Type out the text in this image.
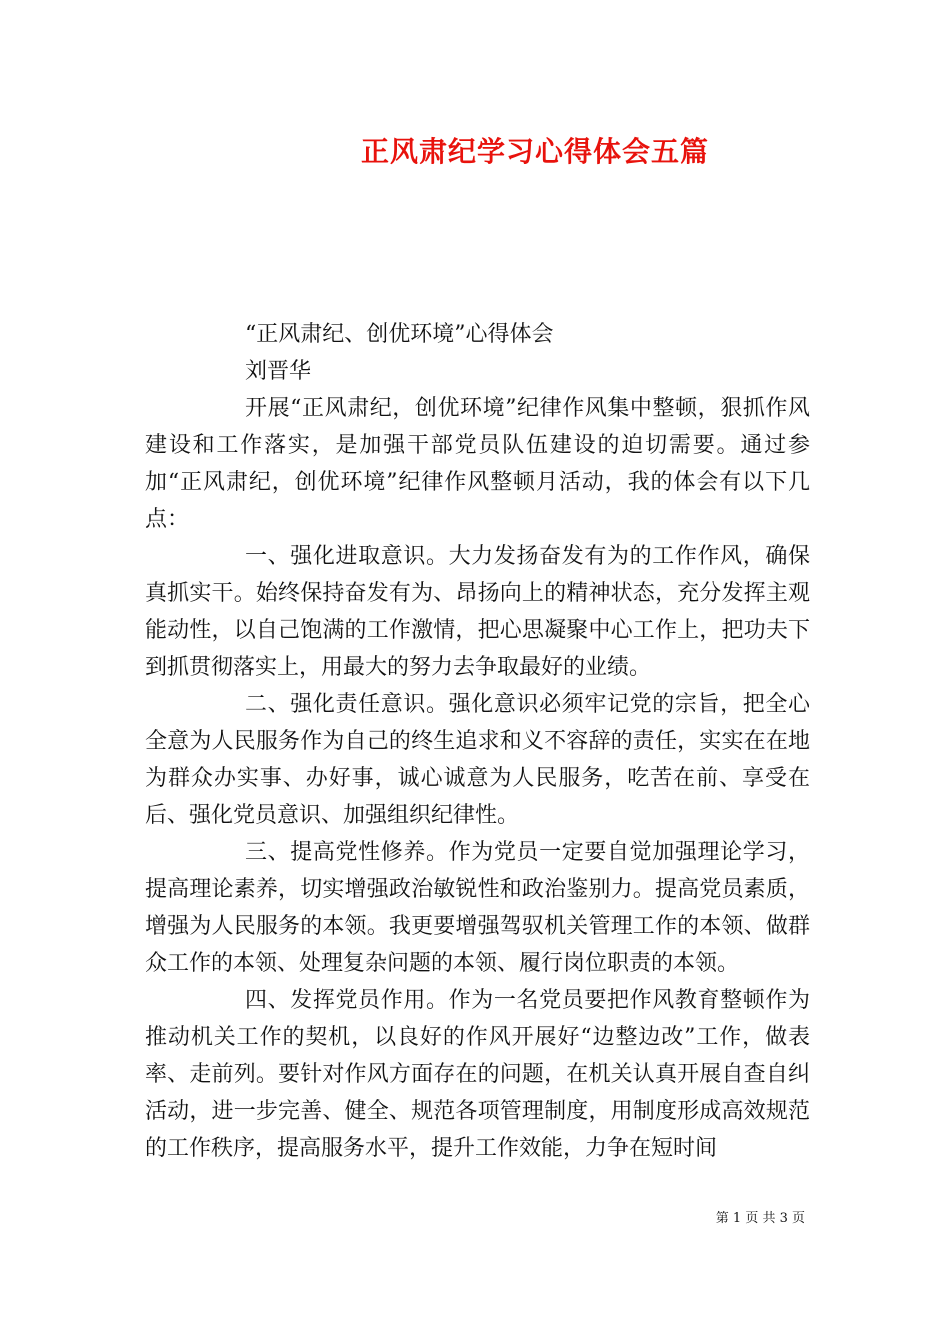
正风肃纪学习心得体会五篇
“正风肃纪、创优环境”心得体会
刘晋华

开展“正风肃纪，创优环境”纪律作风集中整顿，狠抓作风建设和工作落实，是加强干部党员队伍建设的迫切需要。通过参加“正风肃纪，创优环境”纪律作风整顿月活动，我的体会有以下几点：

一、强化进取意识。大力发扬奋发有为的工作作风，确保真抓实干。始终保持奋发有为、昂扬向上的精神状态，充分发挥主观能动性，以自己饱满的工作激情，把心思凝聚中心工作上，把功夫下到抓贯彻落实上，用最大的努力去争取最好的业绩。

二、强化责任意识。强化意识必须牢记党的宗旨，把全心全意为人民服务作为自己的终生追求和义不容辞的责任，实实在在地为群众办实事、办好事，诚心诚意为人民服务，吃苦在前、享受在后、强化党员意识、加强组织纪律性。

三、提高党性修养。作为党员一定要自觉加强理论学习，提高理论素养，切实增强政治敏锐性和政治鉴别力。提高党员素质，增强为人民服务的本领。我更要增强驾驭机关管理工作的本领、做群众工作的本领、处理复杂问题的本领、履行岗位职责的本领。

四、发挥党员作用。作为一名党员要把作风教育整顿作为推动机关工作的契机，以良好的作风开展好“边整边改”工作，做表率、走前列。要针对作风方面存在的问题，在机关认真开展自查自纠活动，进一步完善、健全、规范各项管理制度，用制度形成高效规范的工作秩序，提高服务水平，提升工作效能，力争在短时间

第 1 页 共 3 页
